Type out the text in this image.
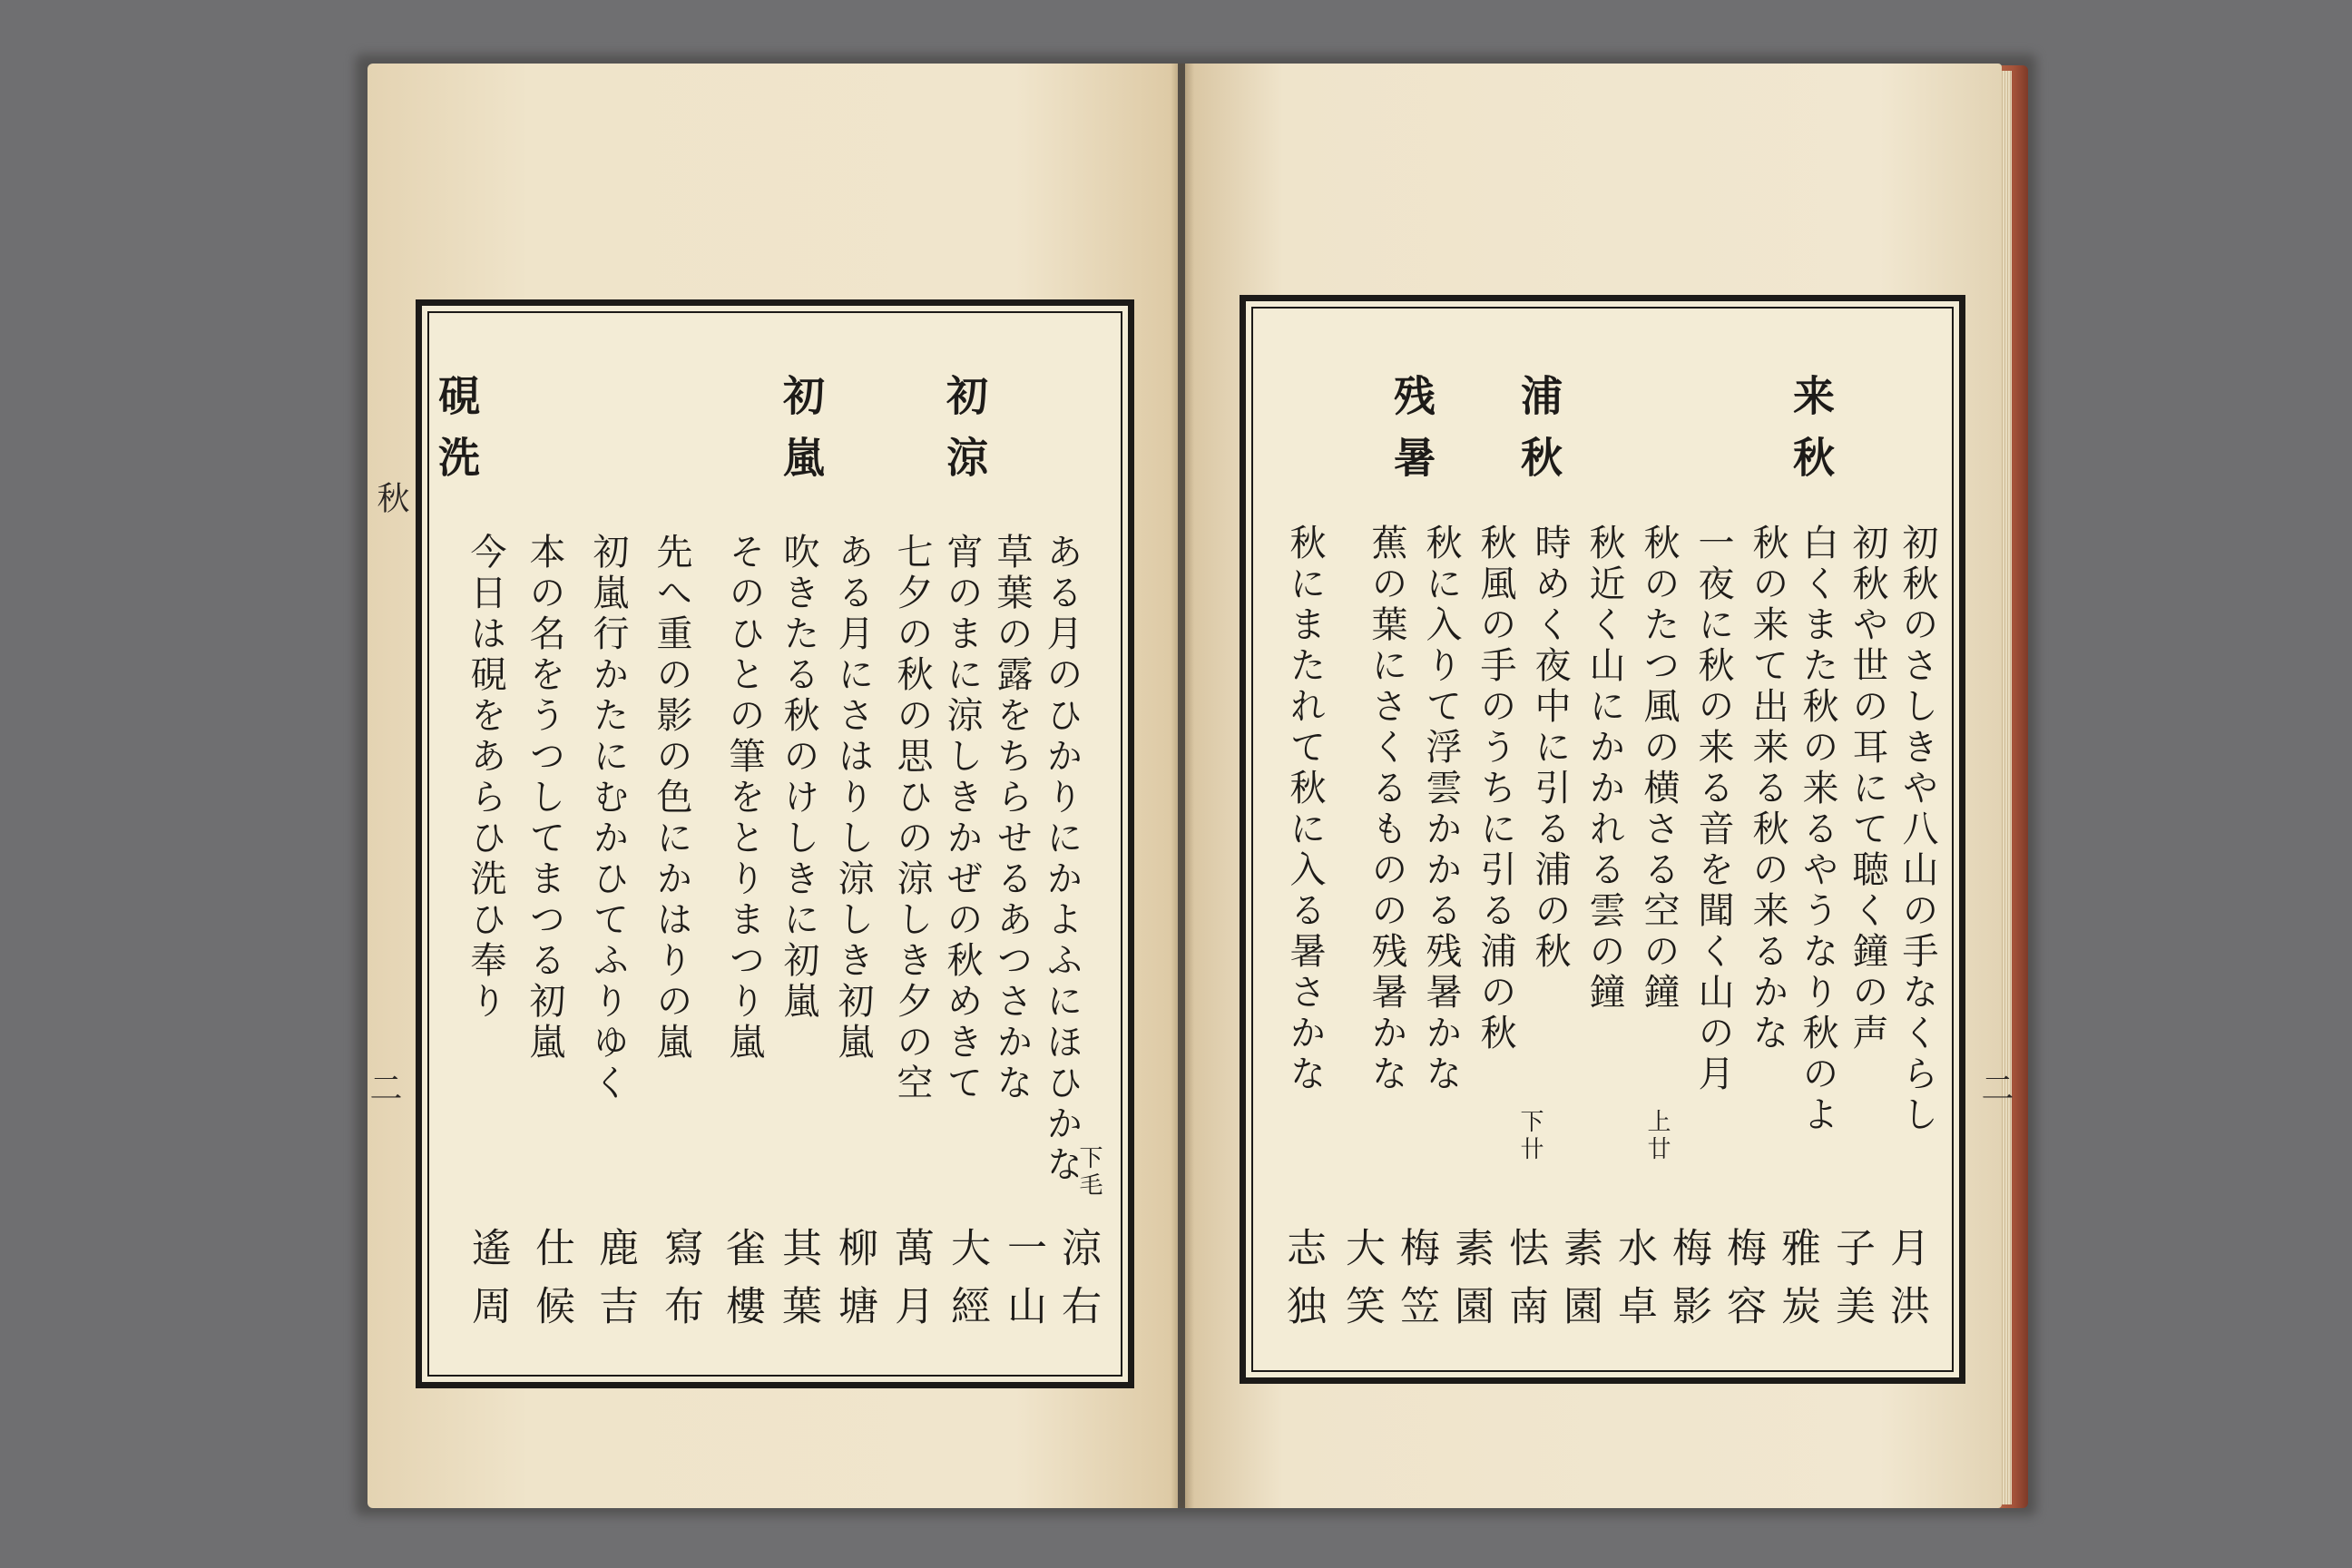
秋
二
初涼
初嵐
硯洗
ある月のひかりにかよふにほひかな
草葉の露をちらせるあつさかな
宵のまに涼しきかぜの秋めきて
七夕の秋の思ひの涼しき夕の空
ある月にさはりし涼しき初嵐
吹きたる秋のけしきに初嵐
そのひとの筆をとりまつり嵐
先へ重の影の色にかはりの嵐
初嵐行かたにむかひてふりゆく
本の名をうつしてまつる初嵐
今日は硯をあらひ洗ひ奉り
下毛
涼右
一山
大經
萬月
柳塘
其葉
雀樓
寫布
鹿吉
仕候
遙周
二
来秋
浦秋
残暑
初秋のさしきや八山の手なくらし
初秋や世の耳にて聴く鐘の声
白くまた秋の来るやうなり秋のよ
秋の来て出来る秋の来るかな
一夜に秋の来る音を聞く山の月
秋のたつ風の横さる空の鐘
秋近く山にかかれる雲の鐘
時めく夜中に引る浦の秋
秋風の手のうちに引る浦の秋
秋に入りて浮雲かかる残暑かな
蕉の葉にさくるものの残暑かな
秋にまたれて秋に入る暑さかな
上廿
下卄
月洪
子美
雅炭
梅容
梅影
水卓
素園
怯南
素園
梅笠
大笑
志独
